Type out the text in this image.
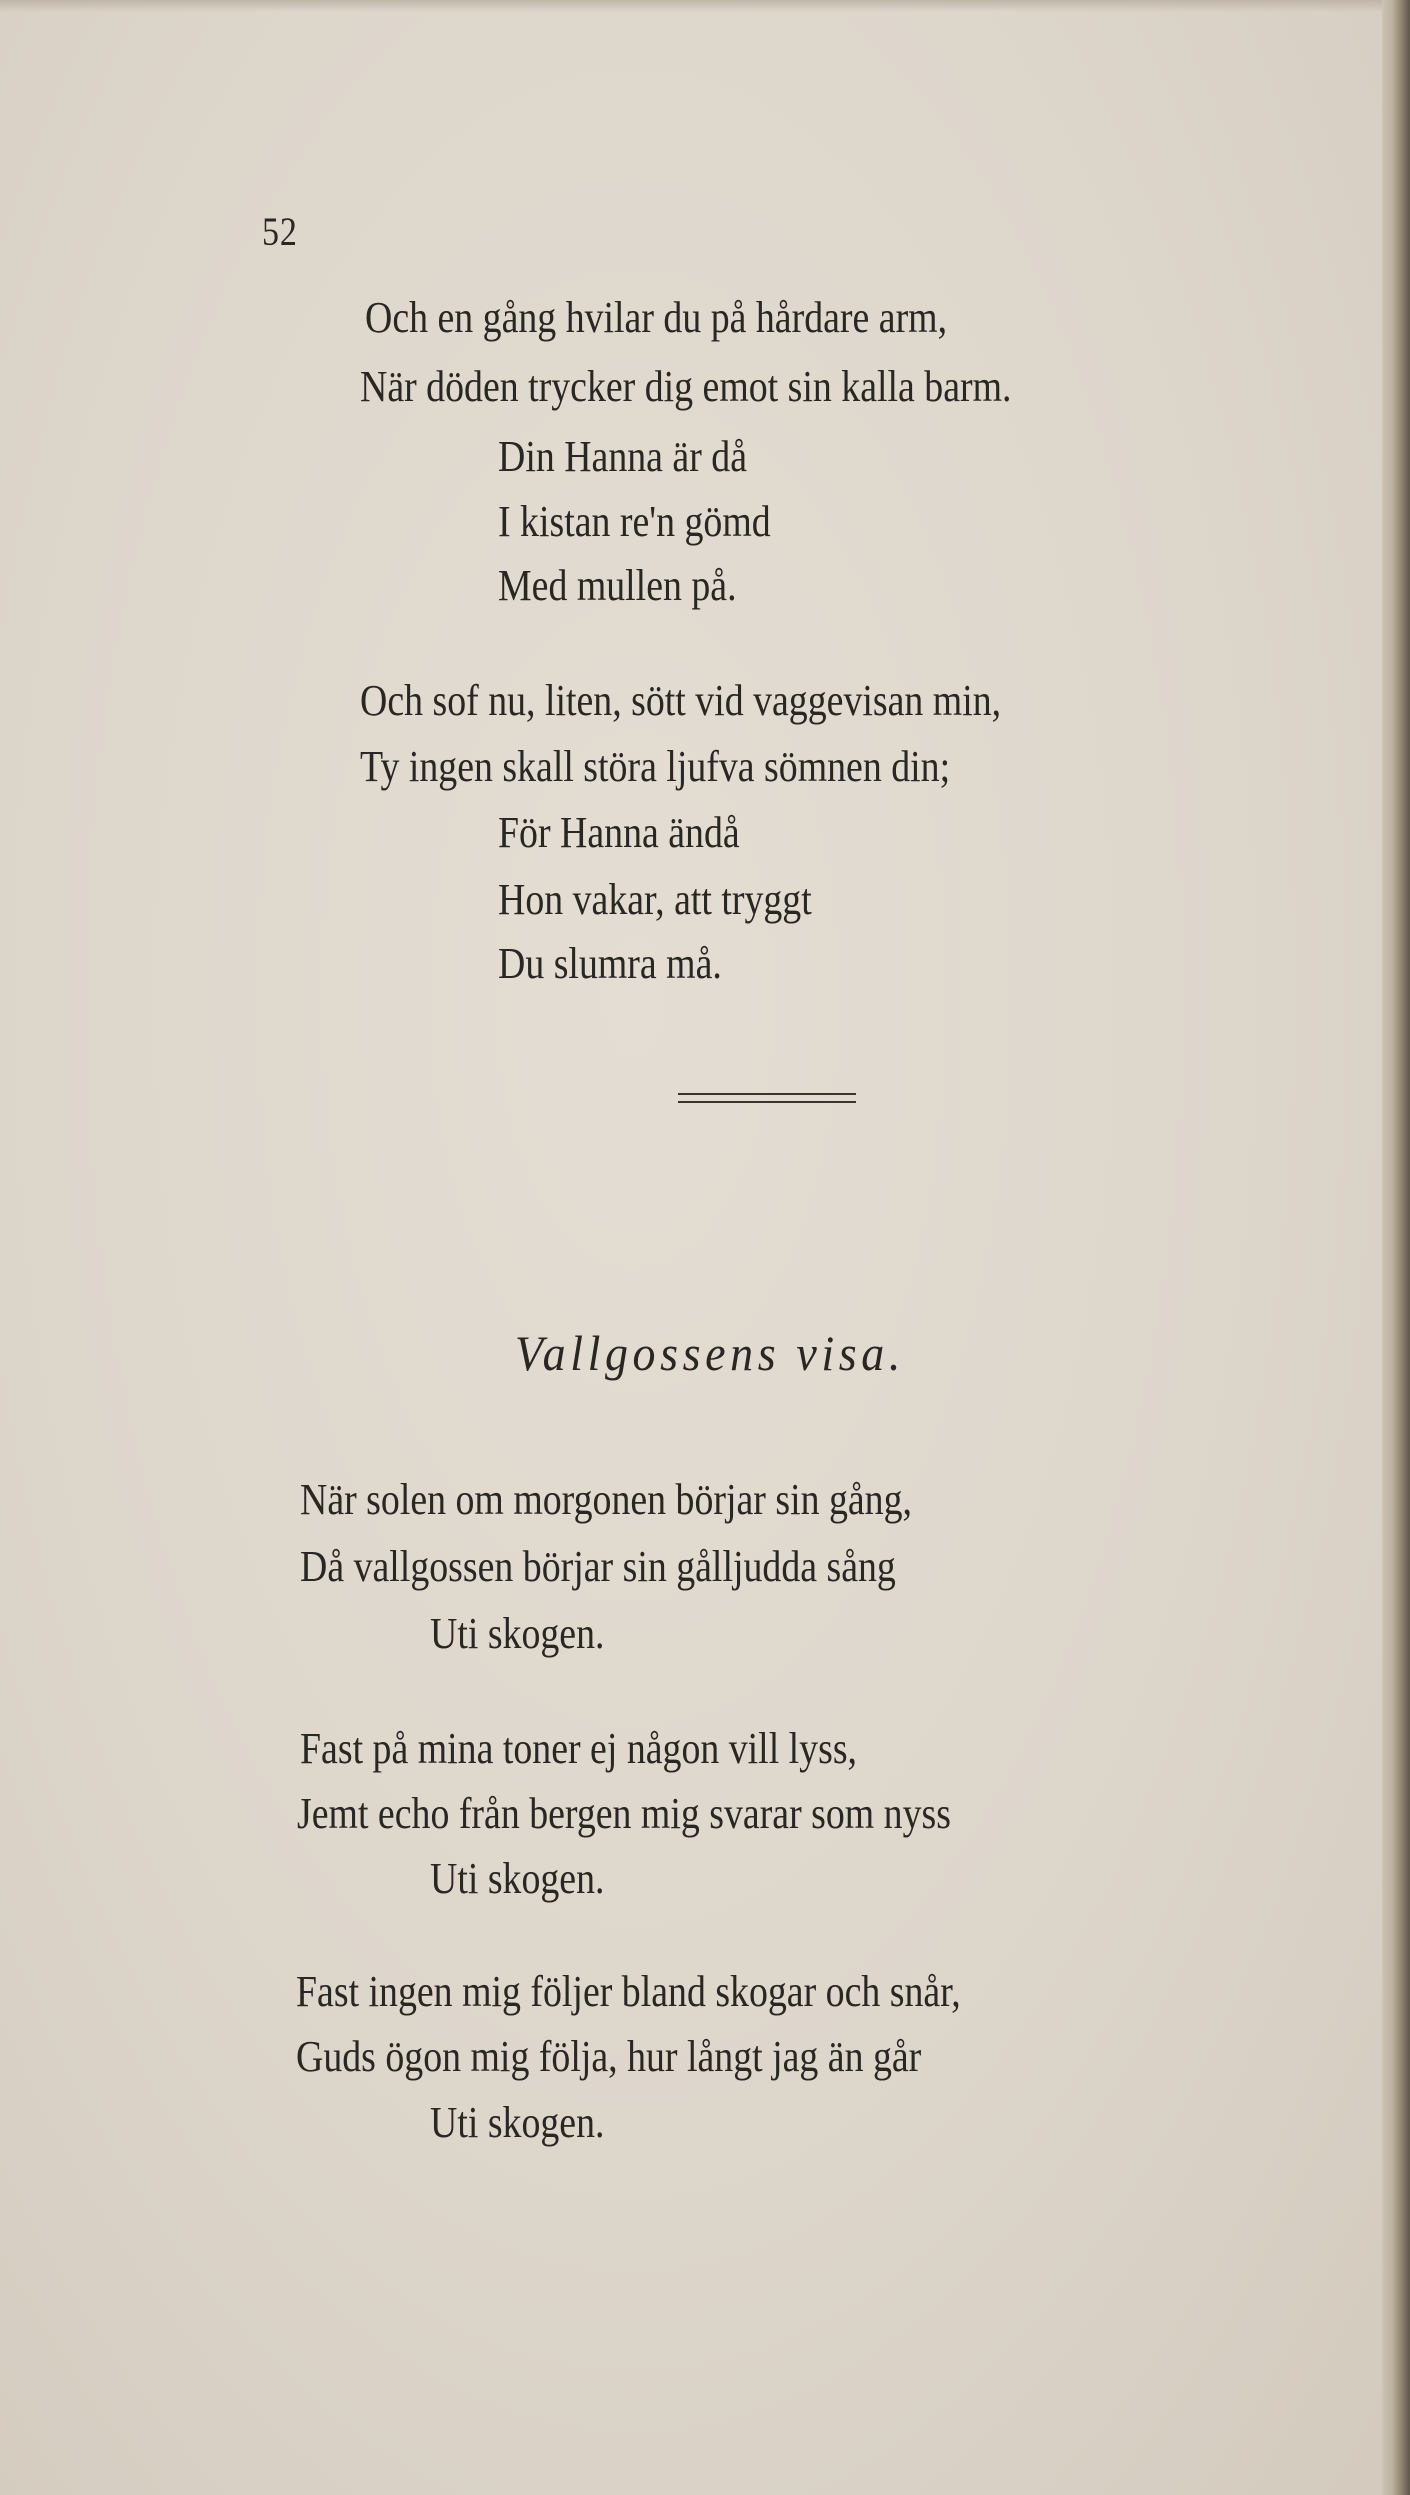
52
Och en gång hvilar du på hårdare arm,
När döden trycker dig emot sin kalla barm.
Din Hanna är då
I kistan re'n gömd
Med mullen på.
Och sof nu, liten, sött vid vaggevisan min,
Ty ingen skall störa ljufva sömnen din;
För Hanna ändå
Hon vakar, att tryggt
Du slumra må.
Vallgossens visa.
När solen om morgonen börjar sin gång,
Då vallgossen börjar sin gålljudda sång
Uti skogen.
Fast på mina toner ej någon vill lyss,
Jemt echo från bergen mig svarar som nyss
Uti skogen.
Fast ingen mig följer bland skogar och snår,
Guds ögon mig följa, hur långt jag än går
Uti skogen.
